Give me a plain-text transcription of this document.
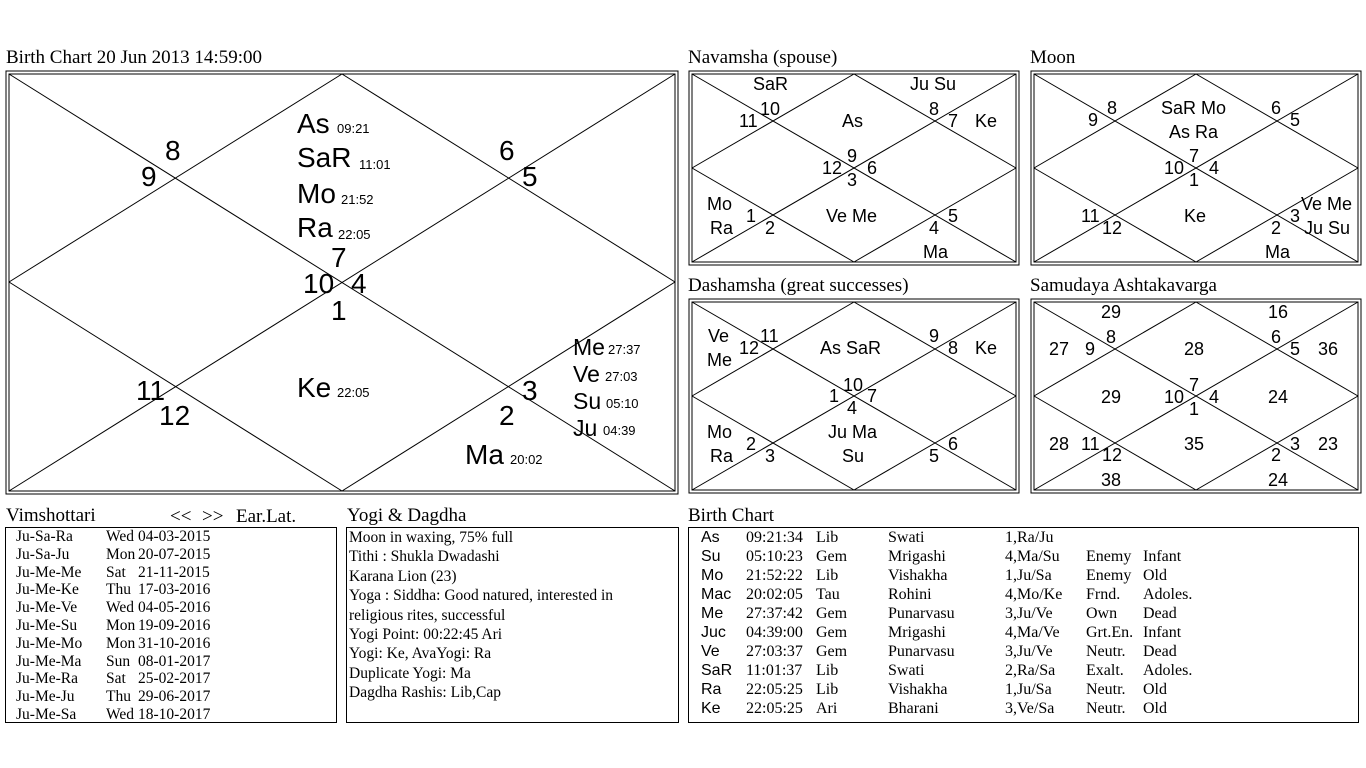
Birth Chart 20 Jun 2013 14:59:00	Navamsha (spouse)	Moon
Dashamsha (great successes)	Samudaya Ashtakavarga
Vimshottari	<< >> Ear.Lat.	Yogi & Dagdha	Birth Chart
8
9
7
10 4
1
6
5
11
12
3
2
As 09:21
SaR 11:01
Mo 21:52
Ra 22:05
Ke 22:05
Me 27:37
Ve 27:03
Su 05:10
Ju 04:39
Ma 20:02
SaR
10
11
Ju Su
8
7 Ke
As
9
12 6
3
Mo
Ra
1
2
Ve Me
4
5
Ma
9
8 SaR Mo
As Ra
6
5
7
10 4
1
11
12
Ke
2
3
Ve Me
Ju Su
Ma
Ve
Me
11
12	As SaR
9
8 Ke
10
1 7
4
Mo
Ra
2
3
Ju Ma
Su	5
6
29	16
27 9
8
28
6
5 36
29
7
10 4
1
24
28 11
12
35	3
2
23
38	24
Ju-Sa-Ra Wed 04-03-2015
Ju-Sa-Ju Mon 20-07-2015
Ju-Me-Me Sat 21-11-2015
Ju-Me-Ke Thu 17-03-2016
Ju-Me-Ve Wed 04-05-2016
Ju-Me-Su Mon 19-09-2016
Ju-Me-Mo Mon 31-10-2016
Ju-Me-Ma Sun 08-01-2017
Ju-Me-Ra Sat 25-02-2017
Ju-Me-Ju Thu 29-06-2017
Ju-Me-Sa Wed 18-10-2017
Moon in waxing, 75% full
Tithi : Shukla Dwadashi
Karana Lion (23)
Yoga : Siddha: Good natured, interested in
religious rites, successful
Yogi Point: 00:22:45 Ari
Yogi: Ke, AvaYogi: Ra
Duplicate Yogi: Ma
Dagdha Rashis: Lib,Cap
As 09:21:34 Lib	Swati	1,Ra/Ju
Su 05:10:23 Gem	Mrigashi	4,Ma/Su Enemy Infant
Mo 21:52:22 Lib	Vishakha	1,Ju/Sa Enemy Old
Mac 20:02:05 Tau	Rohini	4,Mo/Ke Frnd. Adoles.
Me 27:37:42 Gem	Punarvasu	3,Ju/Ve Own Dead
Juc 04:39:00 Gem	Mrigashi	4,Ma/Ve Grt.En. Infant
Ve 27:03:37 Gem	Punarvasu	3,Ju/Ve Neutr. Dead
SaR 11:01:37 Lib	Swati	2,Ra/Sa Exalt. Adoles.
Ra 22:05:25 Lib	Vishakha	1,Ju/Sa Neutr. Old
Ke 22:05:25 Ari	Bharani	3,Ve/Sa Neutr. Old
